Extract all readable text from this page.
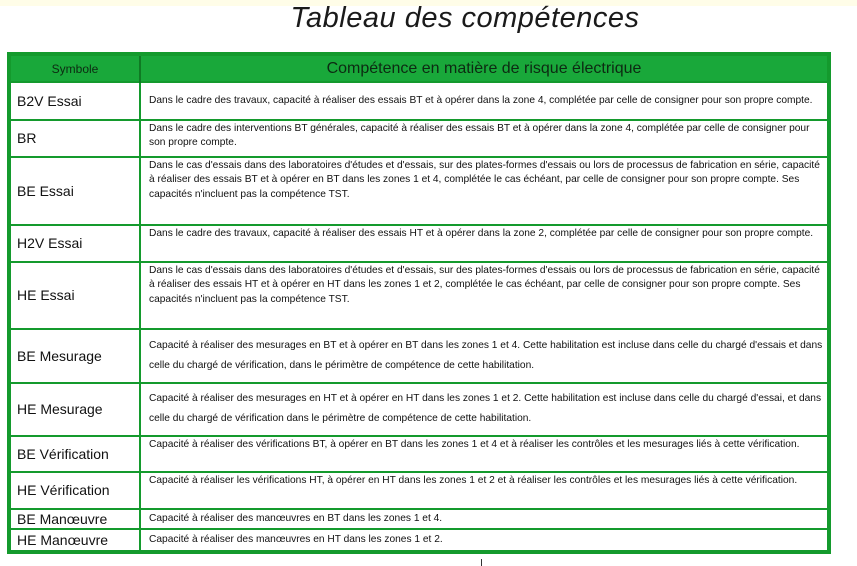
Tableau des compétences
Symbole	Compétence en matière de risque électrique
B2V Essai	Dans le cadre des travaux, capacité à réaliser des essais BT et à opérer dans la zone 4, complétée par celle de consigner pour son propre compte.
BR	Dans le cadre des interventions BT générales, capacité à réaliser des essais BT et à opérer dans la zone 4, complétée par celle de consigner pour son propre compte.
BE Essai	Dans le cas d'essais dans des laboratoires d'études et d'essais, sur des plates-formes d'essais ou lors de processus de fabrication en série, capacité à réaliser des essais BT et à opérer en BT dans les zones 1 et 4, complétée le cas échéant, par celle de consigner pour son propre compte. Ses capacités n'incluent pas la compétence TST.
H2V Essai	Dans le cadre des travaux, capacité à réaliser des essais HT et à opérer dans la zone 2, complétée par celle de consigner pour son propre compte.
HE Essai	Dans le cas d'essais dans des laboratoires d'études et d'essais, sur des plates-formes d'essais ou lors de processus de fabrication en série, capacité à réaliser des essais HT et à opérer en HT dans les zones 1 et 2, complétée le cas échéant, par celle de consigner pour son propre compte. Ses capacités n'incluent pas la compétence TST.
BE Mesurage	Capacité à réaliser des mesurages en BT et à opérer en BT dans les zones 1 et 4. Cette habilitation est incluse dans celle du chargé d'essais et dans celle du chargé de vérification, dans le périmètre de compétence de cette habilitation.
HE Mesurage	Capacité à réaliser des mesurages en HT et à opérer en HT dans les zones 1 et 2. Cette habilitation est incluse dans celle du chargé d'essai, et dans celle du chargé de vérification dans le périmètre de compétence de cette habilitation.
BE Vérification	Capacité à réaliser des vérifications BT, à opérer en BT dans les zones 1 et 4 et à réaliser les contrôles et les mesurages liés à cette vérification.
HE Vérification	Capacité à réaliser les vérifications HT, à opérer en HT dans les zones 1 et 2 et à réaliser les contrôles et les mesurages liés à cette vérification.
BE Manœuvre	Capacité à réaliser des manœuvres en BT dans les zones 1 et 4.
HE Manœuvre	Capacité à réaliser des manœuvres en HT dans les zones 1 et 2.
